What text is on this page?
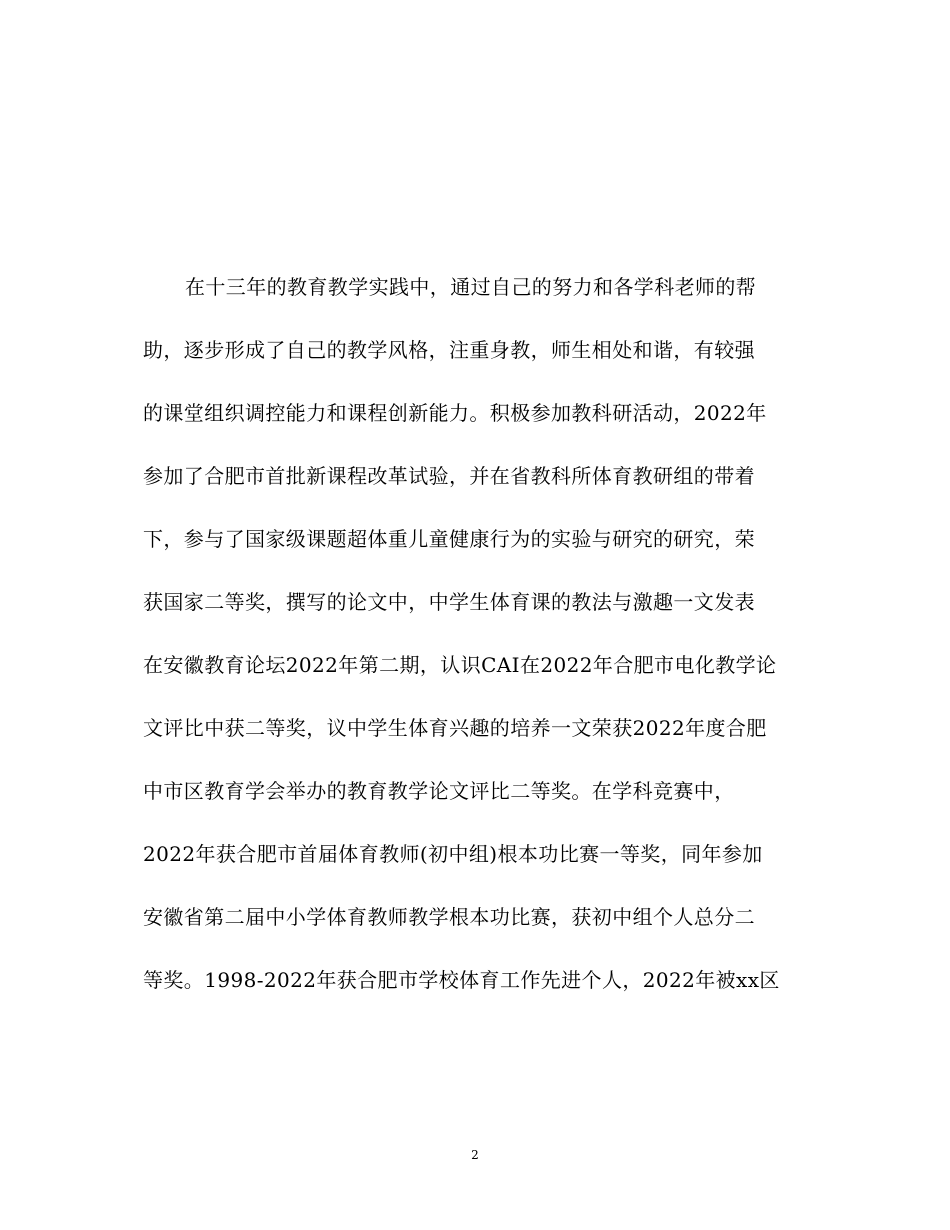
在十三年的教育教学实践中，通过自己的努力和各学科老师的帮
助，逐步形成了自己的教学风格，注重身教，师生相处和谐，有较强
的课堂组织调控能力和课程创新能力。积极参加教科研活动，2022年
参加了合肥市首批新课程改革试验，并在省教科所体育教研组的带着
下，参与了国家级课题超体重儿童健康行为的实验与研究的研究，荣
获国家二等奖，撰写的论文中，中学生体育课的教法与激趣一文发表
在安徽教育论坛2022年第二期，认识CAI在2022年合肥市电化教学论
文评比中获二等奖，议中学生体育兴趣的培养一文荣获2022年度合肥
中市区教育学会举办的教育教学论文评比二等奖。在学科竞赛中，
2022年获合肥市首届体育教师(初中组)根本功比赛一等奖，同年参加
安徽省第二届中小学体育教师教学根本功比赛，获初中组个人总分二
等奖。1998-2022年获合肥市学校体育工作先进个人，2022年被xx区
2
